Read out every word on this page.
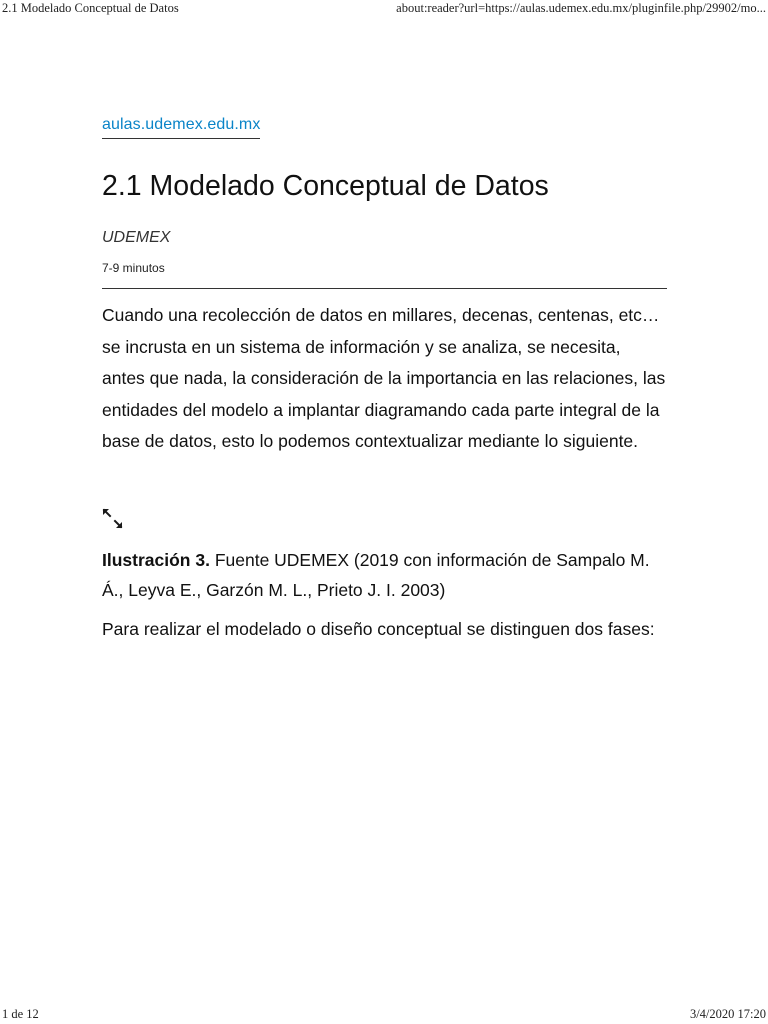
2.1 Modelado Conceptual de Datos	about:reader?url=https://aulas.udemex.edu.mx/pluginfile.php/29902/mo...
aulas.udemex.edu.mx
2.1 Modelado Conceptual de Datos
UDEMEX
7-9 minutos

Cuando una recolección de datos en millares, decenas, centenas, etc… se incrusta en un sistema de información y se analiza, se necesita, antes que nada, la consideración de la importancia en las relaciones, las entidades del modelo a implantar diagramando cada parte integral de la base de datos, esto lo podemos contextualizar mediante lo siguiente.

Ilustración 3. Fuente UDEMEX (2019 con información de Sampalo M. Á., Leyva E., Garzón M. L., Prieto J. I. 2003)
Para realizar el modelado o diseño conceptual se distinguen dos fases:
1 de 12	3/4/2020 17:20
